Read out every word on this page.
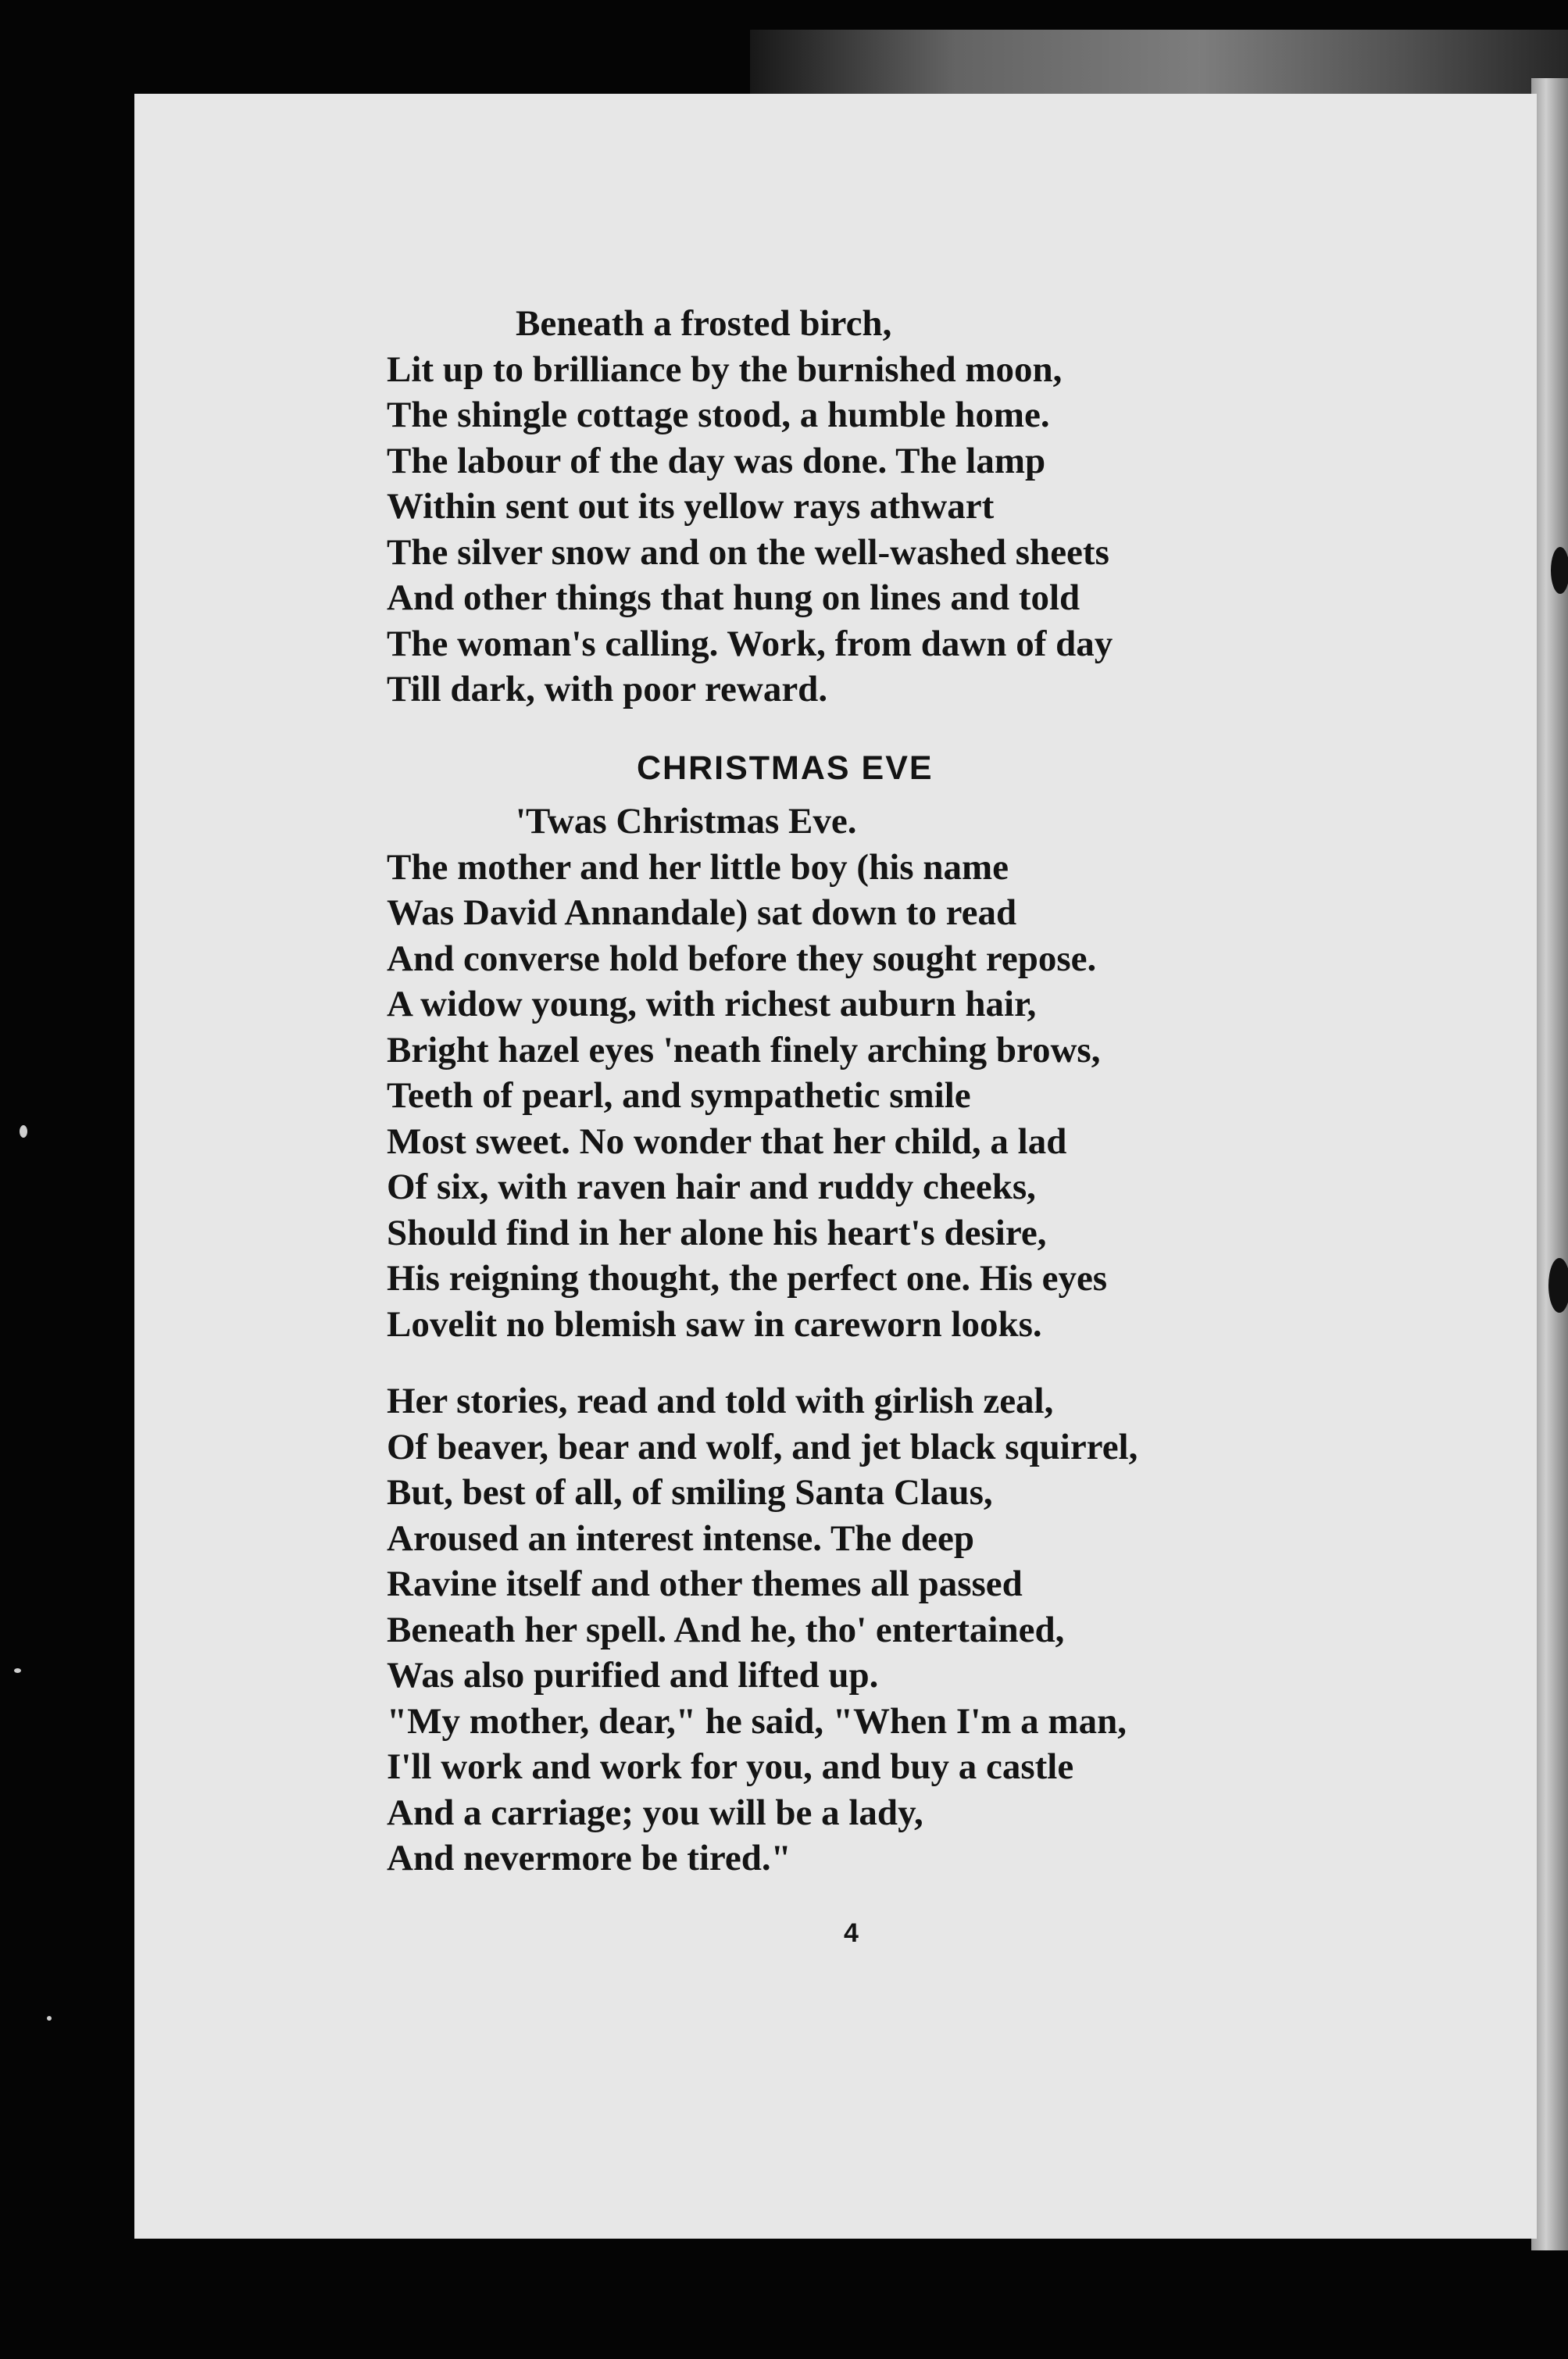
Beneath a frosted birch,
Lit up to brilliance by the burnished moon,
The shingle cottage stood, a humble home.
The labour of the day was done. The lamp
Within sent out its yellow rays athwart
The silver snow and on the well-washed sheets
And other things that hung on lines and told
The woman's calling. Work, from dawn of day
Till dark, with poor reward.
CHRISTMAS EVE
'Twas Christmas Eve.
The mother and her little boy (his name
Was David Annandale) sat down to read
And converse hold before they sought repose.
A widow young, with richest auburn hair,
Bright hazel eyes 'neath finely arching brows,
Teeth of pearl, and sympathetic smile
Most sweet. No wonder that her child, a lad
Of six, with raven hair and ruddy cheeks,
Should find in her alone his heart's desire,
His reigning thought, the perfect one. His eyes
Lovelit no blemish saw in careworn looks.
Her stories, read and told with girlish zeal,
Of beaver, bear and wolf, and jet black squirrel,
But, best of all, of smiling Santa Claus,
Aroused an interest intense. The deep
Ravine itself and other themes all passed
Beneath her spell. And he, tho' entertained,
Was also purified and lifted up.
"My mother, dear," he said, "When I'm a man,
I'll work and work for you, and buy a castle
And a carriage; you will be a lady,
And nevermore be tired."
4
